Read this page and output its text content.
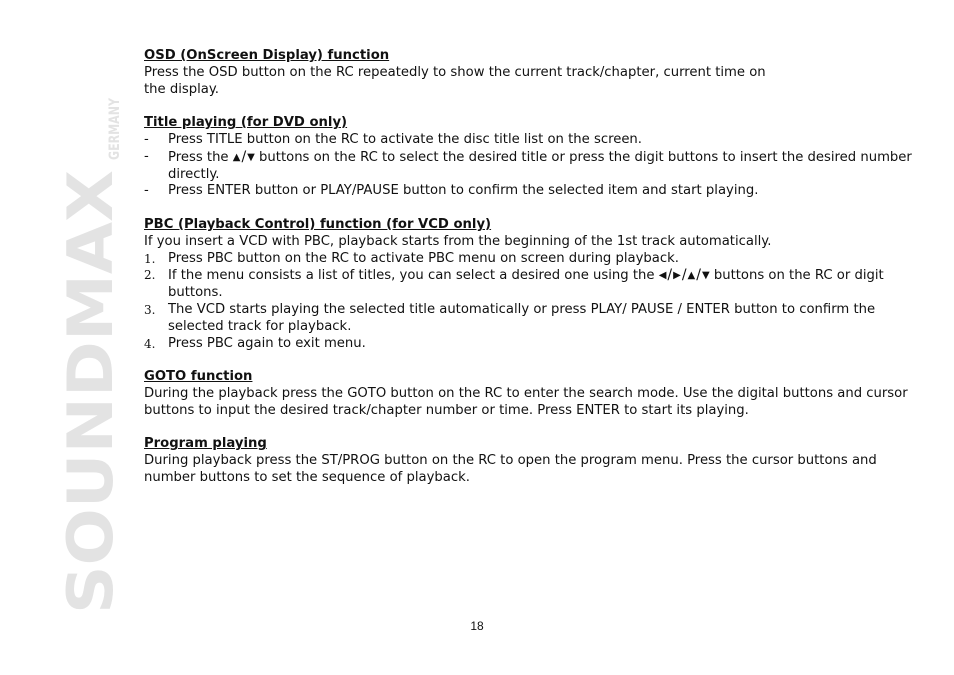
SOUNDMAX
GERMANY
OSD (OnScreen Display) function

Press the OSD button on the RC repeatedly to show the current track/chapter, current time on

the display.

Title playing (for DVD only)
- Press TITLE button on the RC to activate the disc title list on the screen.
- Press the ▲/▼ buttons on the RC to select the desired title or press the digit buttons to insert the desired number directly.
- Press ENTER button or PLAY/PAUSE button to confirm the selected item and start playing.
PBC (Playback Control) function (for VCD only)

If you insert a VCD with PBC, playback starts from the beginning of the 1st track automatically.

1. Press PBC button on the RC to activate PBC menu on screen during playback.
2. If the menu consists a list of titles, you can select a desired one using the ◀/▶/▲/▼ buttons on the RC or digit buttons.
3. The VCD starts playing the selected title automatically or press PLAY/ PAUSE / ENTER button to confirm the selected track for playback.
4. Press PBC again to exit menu.
GOTO function

During the playback press the GOTO button on the RC to enter the search mode. Use the digital buttons and cursor buttons to input the desired track/chapter number or time. Press ENTER to start its playing.

Program playing

During playback press the ST/PROG button on the RC to open the program menu. Press the cursor buttons and number buttons to set the sequence of playback.

18
